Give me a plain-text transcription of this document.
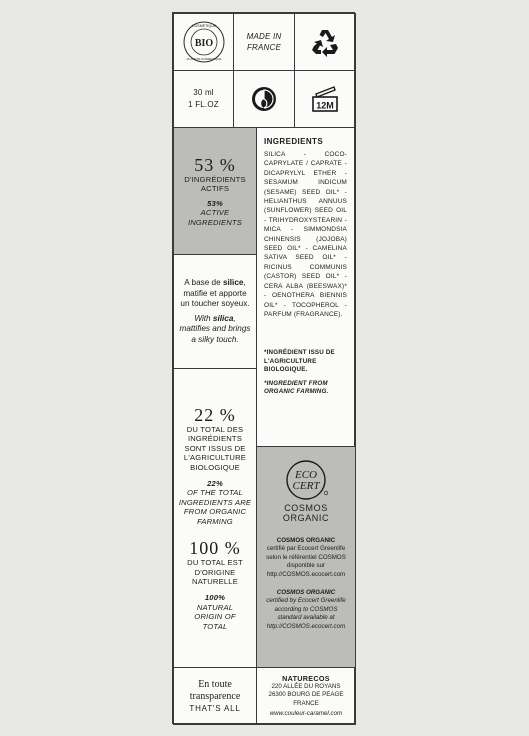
BIO
COSMETIQUE
PLANETE COSMETIQUE
MADE IN
FRANCE
30 ml
1 FL.OZ	12M
53 %
D'INGRÉDIENTS ACTIFS
53%
ACTIVE INGREDIENTS
A base de silice, matifie et apporte un toucher soyeux.
With silica, mattifies and brings a silky touch.
22 %
DU TOTAL DES INGRÉDIENTS SONT ISSUS DE L'AGRICULTURE BIOLOGIQUE
22%
OF THE TOTAL INGREDIENTS ARE FROM ORGANIC FARMING
100 %
DU TOTAL EST D'ORIGINE NATURELLE
100%
NATURAL ORIGIN OF TOTAL
En toute
transparence
THAT'S ALL
INGREDIENTS
SILICA - COCO-CAPRYLATE / CAPRATE - DICAPRYLYL ETHER - SESAMUM INDICUM (SESAME) SEED OIL* - HELIANTHUS ANNUUS (SUNFLOWER) SEED OIL - TRIHYDROXYSTEARIN - MICA - SIMMONDSIA CHINENSIS (JOJOBA) SEED OIL* - CAMELINA SATIVA SEED OIL* - RICINUS COMMUNIS (CASTOR) SEED OIL* - CERA ALBA (BEESWAX)* - OENOTHERA BIENNIS OIL* - TOCOPHEROL - PARFUM (FRAGRANCE).
*INGRÉDIENT ISSU DE L'AGRICULTURE BIOLOGIQUE.
*INGREDIENT FROM ORGANIC FARMING.
ECO
CERT
COSMOS
ORGANIC
COSMOS ORGANIC
certifié par Ecocert Greenlife selon le référentiel COSMOS disponible sur http://COSMOS.ecocert.com
COSMOS ORGANIC
certified by Ecocert Greenlife according to COSMOS standard available at http://COSMOS.ecocert.com
NATURECOS
220 ALLÉE DU ROYANS
26300 BOURG DE PEAGE
FRANCE
www.couleur-caramel.com
